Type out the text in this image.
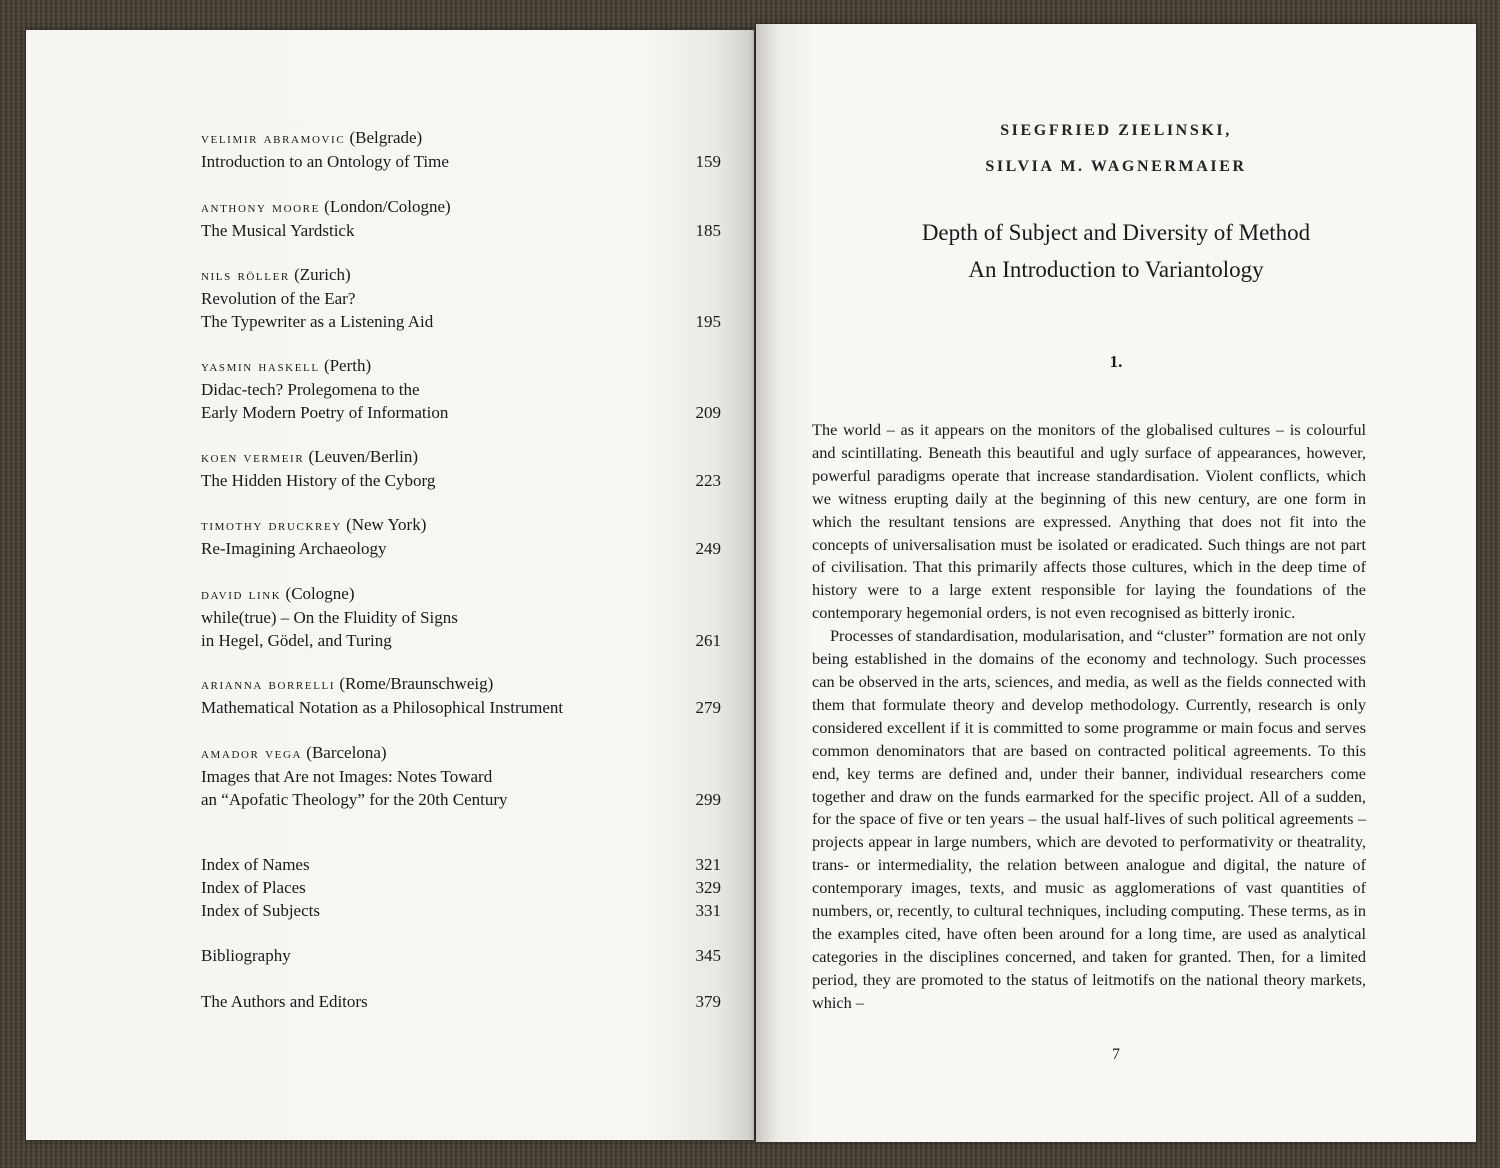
velimir abramovic (Belgrade)
Introduction to an Ontology of Time	159
anthony moore (London/Cologne)
The Musical Yardstick	185
nils röller (Zurich)
Revolution of the Ear?
The Typewriter as a Listening Aid	195
yasmin haskell (Perth)
Didac-tech? Prolegomena to the
Early Modern Poetry of Information	209
koen vermeir (Leuven/Berlin)
The Hidden History of the Cyborg	223
timothy druckrey (New York)
Re-Imagining Archaeology	249
david link (Cologne)
while(true) – On the Fluidity of Signs
in Hegel, Gödel, and Turing	261
arianna borrelli (Rome/Braunschweig)
Mathematical Notation as a Philosophical Instrument	279
amador vega (Barcelona)
Images that Are not Images: Notes Toward
an “Apofatic Theology” for the 20th Century	299
Index of Names	321
Index of Places	329
Index of Subjects	331
Bibliography	345
The Authors and Editors	379
SIEGFRIED ZIELINSKI,
SILVIA M. WAGNERMAIER
Depth of Subject and Diversity of Method
An Introduction to Variantology
1.

The world – as it appears on the monitors of the globalised cultures – is colourful and scintillating. Beneath this beautiful and ugly surface of appearances, however, powerful paradigms operate that increase standardisation. Violent conflicts, which we witness erupting daily at the beginning of this new century, are one form in which the resultant tensions are expressed. Anything that does not fit into the concepts of universalisation must be isolated or eradicated. Such things are not part of civilisation. That this primarily affects those cultures, which in the deep time of history were to a large extent responsible for laying the foundations of the contemporary hegemonial orders, is not even recognised as bitterly ironic.

Processes of standardisation, modularisation, and “cluster” formation are not only being established in the domains of the economy and technology. Such processes can be observed in the arts, sciences, and media, as well as the fields connected with them that formulate theory and develop methodology. Currently, research is only considered excellent if it is committed to some programme or main focus and serves common denominators that are based on contracted political agreements. To this end, key terms are defined and, under their banner, individual researchers come together and draw on the funds earmarked for the specific project. All of a sudden, for the space of five or ten years – the usual half-lives of such political agreements – projects appear in large numbers, which are devoted to performativity or theatrality, trans- or intermediality, the relation between analogue and digital, the nature of contemporary images, texts, and music as agglomerations of vast quantities of numbers, or, recently, to cultural techniques, including computing. These terms, as in the examples cited, have often been around for a long time, are used as analytical categories in the disciplines concerned, and taken for granted. Then, for a limited period, they are promoted to the status of leitmotifs on the national theory markets, which –

7
